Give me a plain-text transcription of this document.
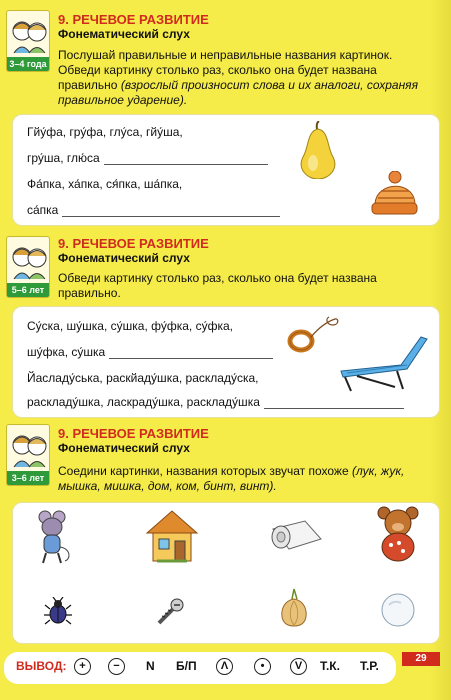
3–4 года
9. РЕЧЕВОЕ РАЗВИТИЕ
Фонематический слух
Послушай правильные и неправильные названия картинок. Обведи картинку столько раз, сколько она будет названа правильно (взрослый произносит слова и их аналоги, сохраняя правильное ударение).
Гйу́фа, гру́фа, глу́са, гйу́ша,
гру́ша, глю́са
Фа́пка, ха́пка, ся́пка, ша́пка,
са́пка
5–6 лет
9. РЕЧЕВОЕ РАЗВИТИЕ
Фонематический слух
Обведи картинку столько раз, сколько она будет названа правильно.
Су́ска, шу́шка, су́шка, фу́фка, су́фка,
шу́фка, су́шка
Йасладу́ська, раскйаду́шка, раскладу́ска,
раскладу́шка, ласкраду́шка, раскладу́шка
3–6 лет
9. РЕЧЕВОЕ РАЗВИТИЕ
Фонематический слух
Соедини картинки, названия которых звучат похоже (лук, жук, мышка, мишка, дом, ком, бинт, винт).
ВЫВОД:	+	−	N Б/П	Λ	•	V	Т.К. Т.Р.
29
